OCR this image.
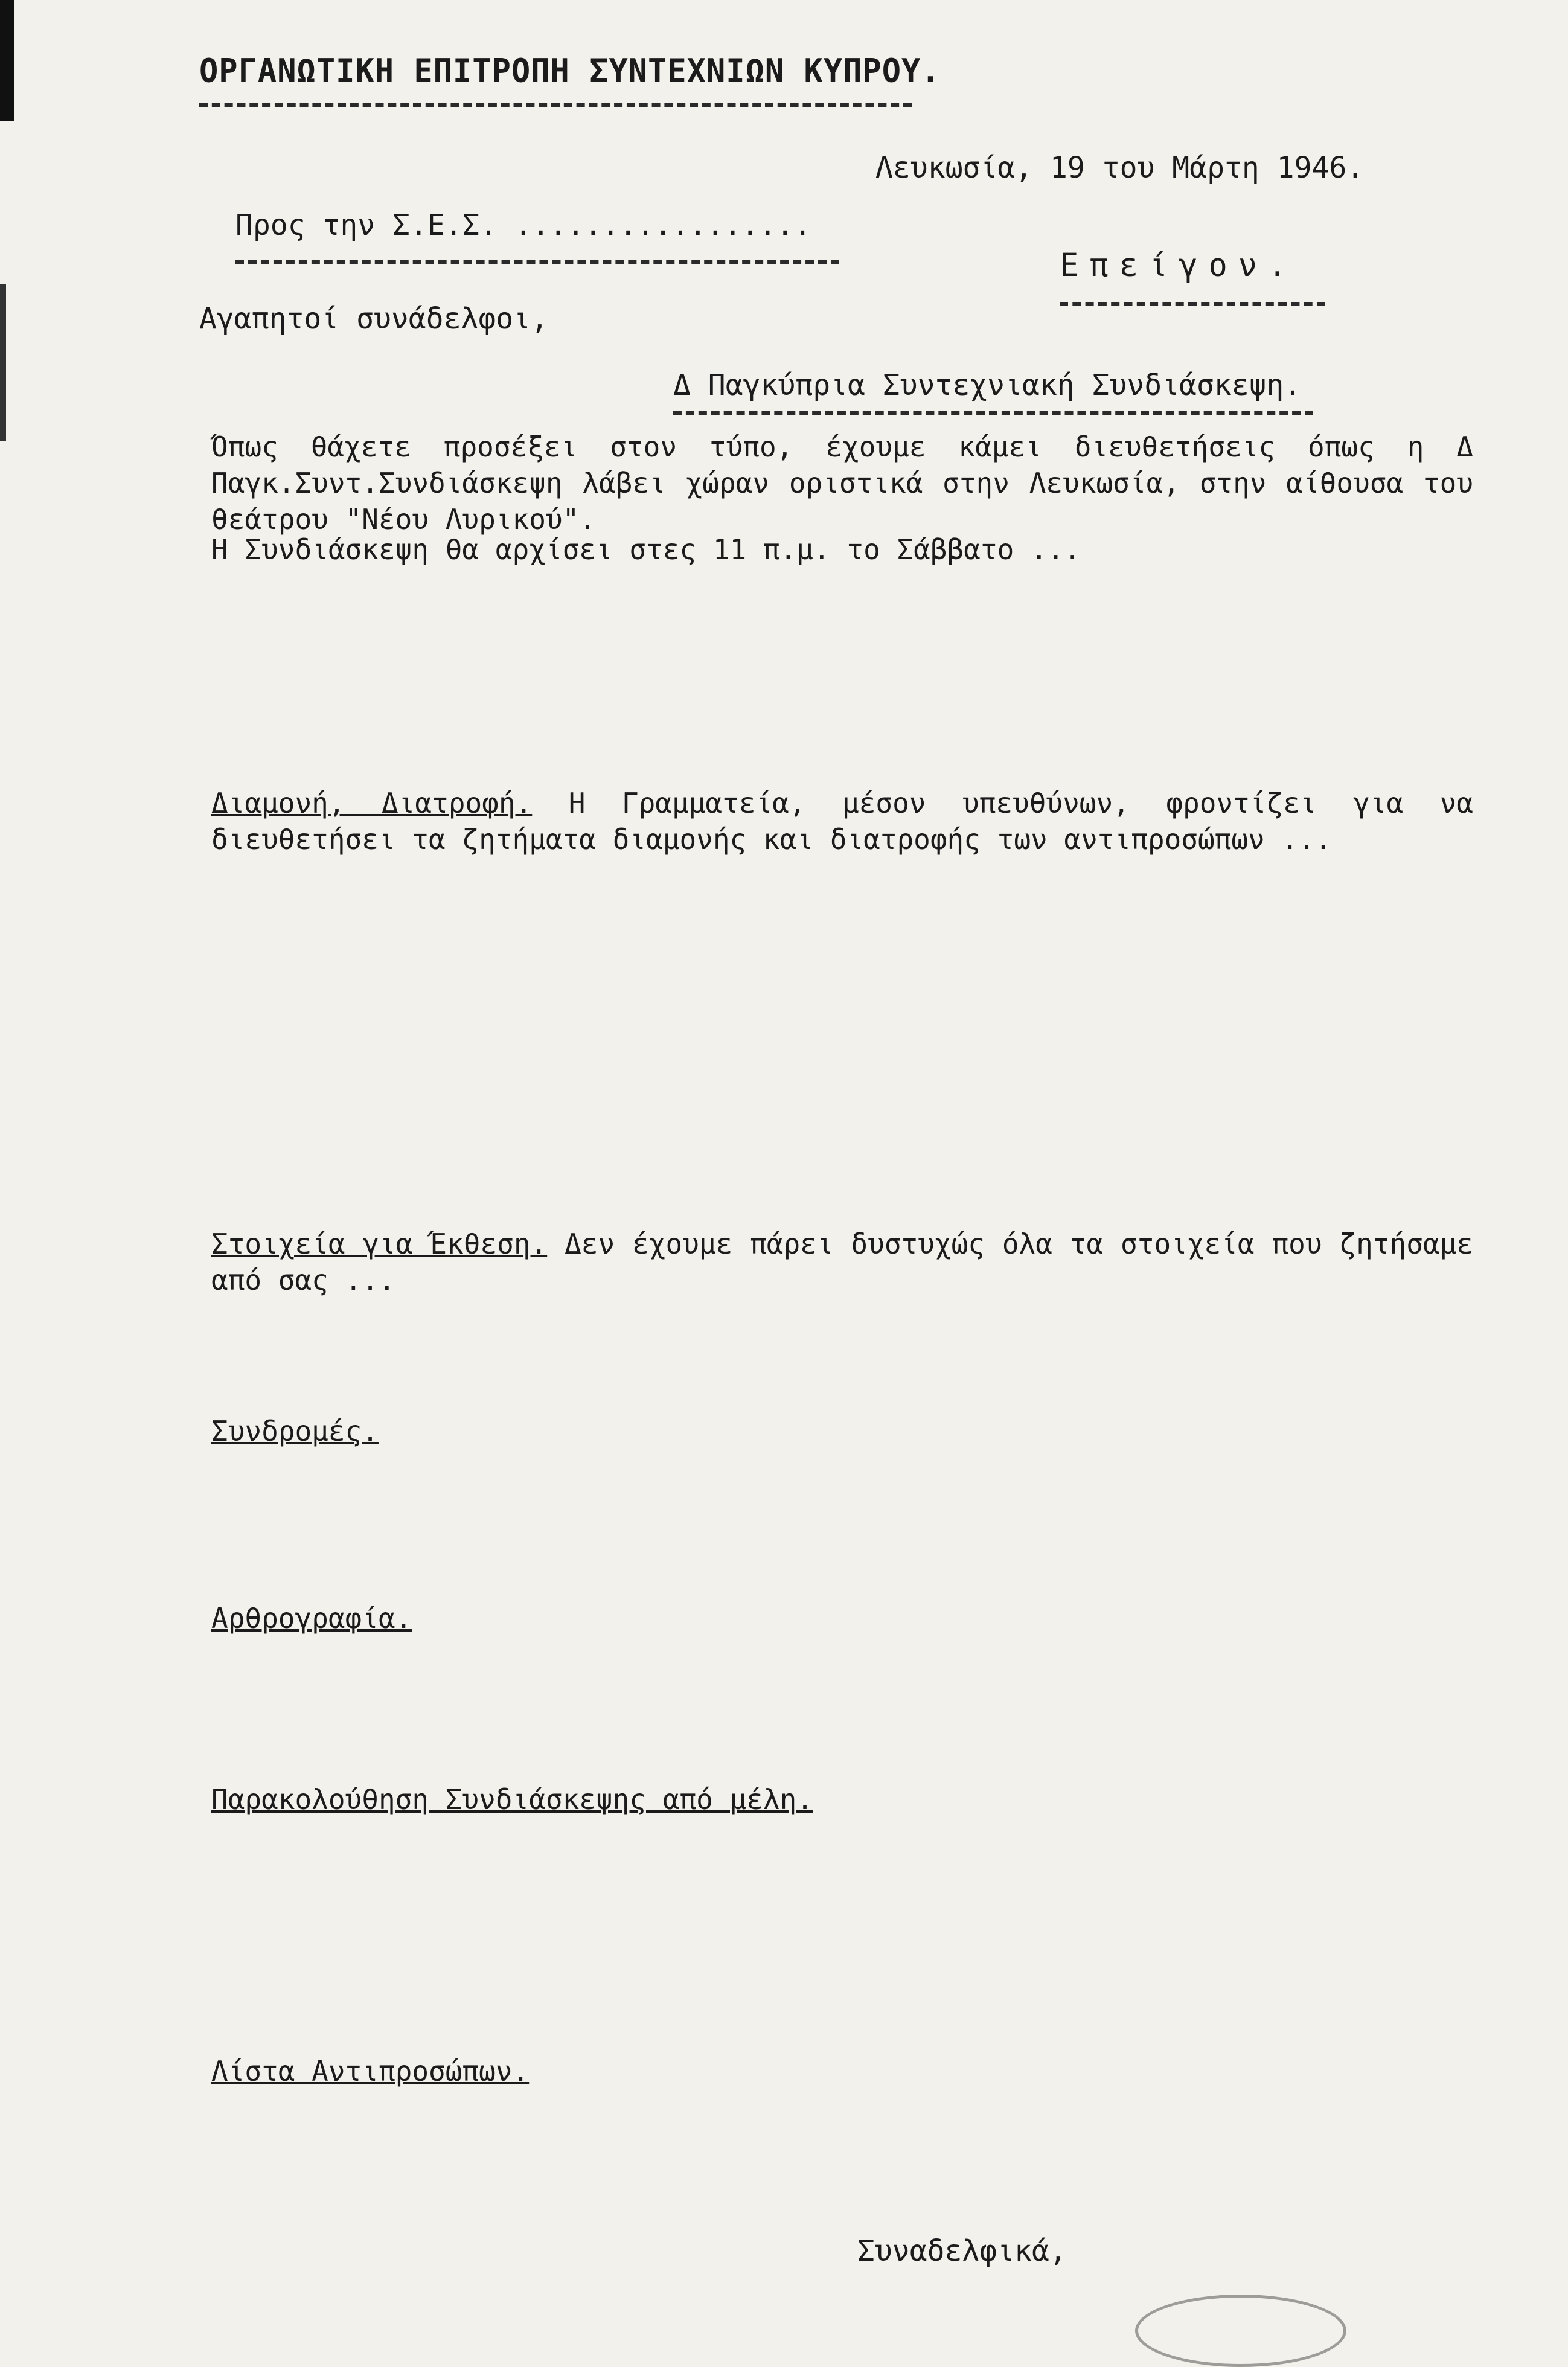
ΟΡΓΑΝΩΤΙΚΗ ΕΠΙΤΡΟΠΗ ΣΥΝΤΕΧΝΙΩΝ ΚΥΠΡΟΥ.
Λευκωσία, 19 του Μάρτη 1946.
Προς την Σ.Ε.Σ. .................
Επείγον.
Αγαπητοί συνάδελφοι,
Δ Παγκύπρια Συντεχνιακή Συνδιάσκεψη.
Όπως θάχετε προσέξει στον τύπο, έχουμε κάμει διευθετήσεις όπως η Δ Παγκ.Συντ.Συνδιάσκεψη λάβει χώραν οριστικά στην Λευκωσία, στην αίθουσα του θεάτρου "Νέου Λυρικού".
Η Συνδιάσκεψη θα αρχίσει στες 11 π.μ. το Σάββατο ...
Διαμονή, Διατροφή. Η Γραμματεία, μέσον υπευθύνων, φροντίζει για να διευθετήσει τα ζητήματα διαμονής και διατροφής των αντιπροσώπων ...
Στοιχεία για Έκθεση. Δεν έχουμε πάρει δυστυχώς όλα τα στοιχεία που ζητήσαμε από σας ...
Συνδρομές.
Αρθρογραφία.
Παρακολούθηση Συνδιάσκεψης από μέλη.
Λίστα Αντιπροσώπων.
Συναδελφικά,
